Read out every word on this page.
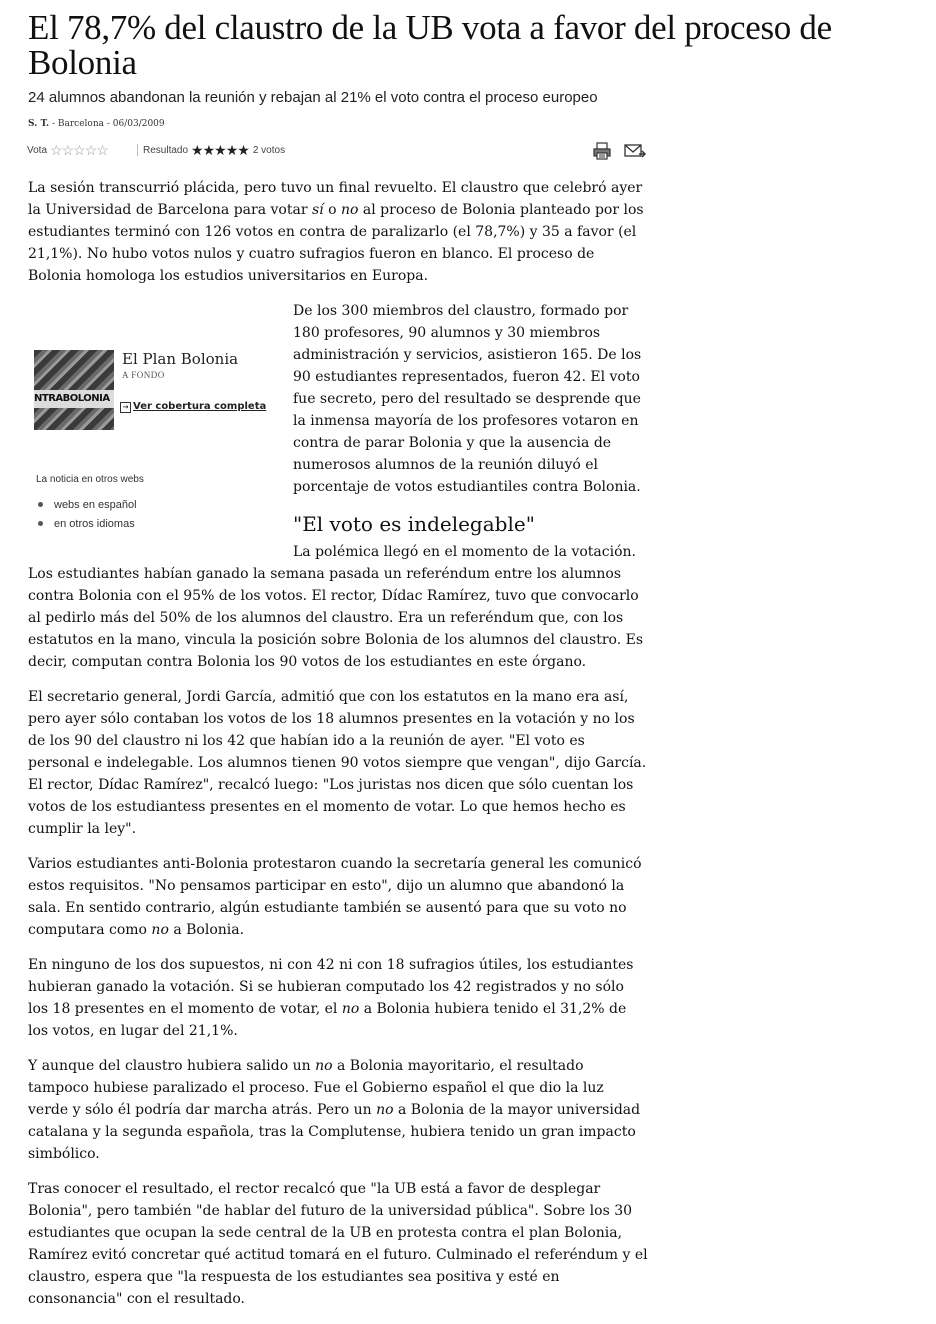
El 78,7% del claustro de la UB vota a favor del proceso de Bolonia
24 alumnos abandonan la reunión y rebajan al 21% el voto contra el proceso europeo
S. T. - Barcelona - 06/03/2009
Vota ☆☆☆☆☆	Resultado ★★★★★ 2 votos

La sesión transcurrió plácida, pero tuvo un final revuelto. El claustro que celebró ayer la Universidad de Barcelona para votar sí o no al proceso de Bolonia planteado por los estudiantes terminó con 126 votos en contra de paralizarlo (el 78,7%) y 35 a favor (el 21,1%). No hubo votos nulos y cuatro sufragios fueron en blanco. El proceso de Bolonia homologa los estudios universitarios en Europa.

NTRABOLONIA
El Plan Bolonia
A FONDO
→ Ver cobertura completa
La noticia en otros webs
webs en español
en otros idiomas

De los 300 miembros del claustro, formado por 180 profesores, 90 alumnos y 30 miembros administración y servicios, asistieron 165. De los 90 estudiantes representados, fueron 42. El voto fue secreto, pero del resultado se desprende que la inmensa mayoría de los profesores votaron en contra de parar Bolonia y que la ausencia de numerosos alumnos de la reunión diluyó el porcentaje de votos estudiantiles contra Bolonia.

"El voto es indelegable"

La polémica llegó en el momento de la votación.

Los estudiantes habían ganado la semana pasada un referéndum entre los alumnos contra Bolonia con el 95% de los votos. El rector, Dídac Ramírez, tuvo que convocarlo al pedirlo más del 50% de los alumnos del claustro. Era un referéndum que, con los estatutos en la mano, vincula la posición sobre Bolonia de los alumnos del claustro. Es decir, computan contra Bolonia los 90 votos de los estudiantes en este órgano.

El secretario general, Jordi García, admitió que con los estatutos en la mano era así, pero ayer sólo contaban los votos de los 18 alumnos presentes en la votación y no los de los 90 del claustro ni los 42 que habían ido a la reunión de ayer. "El voto es personal e indelegable. Los alumnos tienen 90 votos siempre que vengan", dijo García. El rector, Dídac Ramírez", recalcó luego: "Los juristas nos dicen que sólo cuentan los votos de los estudiantess presentes en el momento de votar. Lo que hemos hecho es cumplir la ley".

Varios estudiantes anti-Bolonia protestaron cuando la secretaría general les comunicó estos requisitos. "No pensamos participar en esto", dijo un alumno que abandonó la sala. En sentido contrario, algún estudiante también se ausentó para que su voto no computara como no a Bolonia.

En ninguno de los dos supuestos, ni con 42 ni con 18 sufragios útiles, los estudiantes hubieran ganado la votación. Si se hubieran computado los 42 registrados y no sólo los 18 presentes en el momento de votar, el no a Bolonia hubiera tenido el 31,2% de los votos, en lugar del 21,1%.

Y aunque del claustro hubiera salido un no a Bolonia mayoritario, el resultado tampoco hubiese paralizado el proceso. Fue el Gobierno español el que dio la luz verde y sólo él podría dar marcha atrás. Pero un no a Bolonia de la mayor universidad catalana y la segunda española, tras la Complutense, hubiera tenido un gran impacto simbólico.

Tras conocer el resultado, el rector recalcó que "la UB está a favor de desplegar Bolonia", pero también "de hablar del futuro de la universidad pública". Sobre los 30 estudiantes que ocupan la sede central de la UB en protesta contra el plan Bolonia, Ramírez evitó concretar qué actitud tomará en el futuro. Culminado el referéndum y el claustro, espera que "la respuesta de los estudiantes sea positiva y esté en consonancia" con el resultado.
